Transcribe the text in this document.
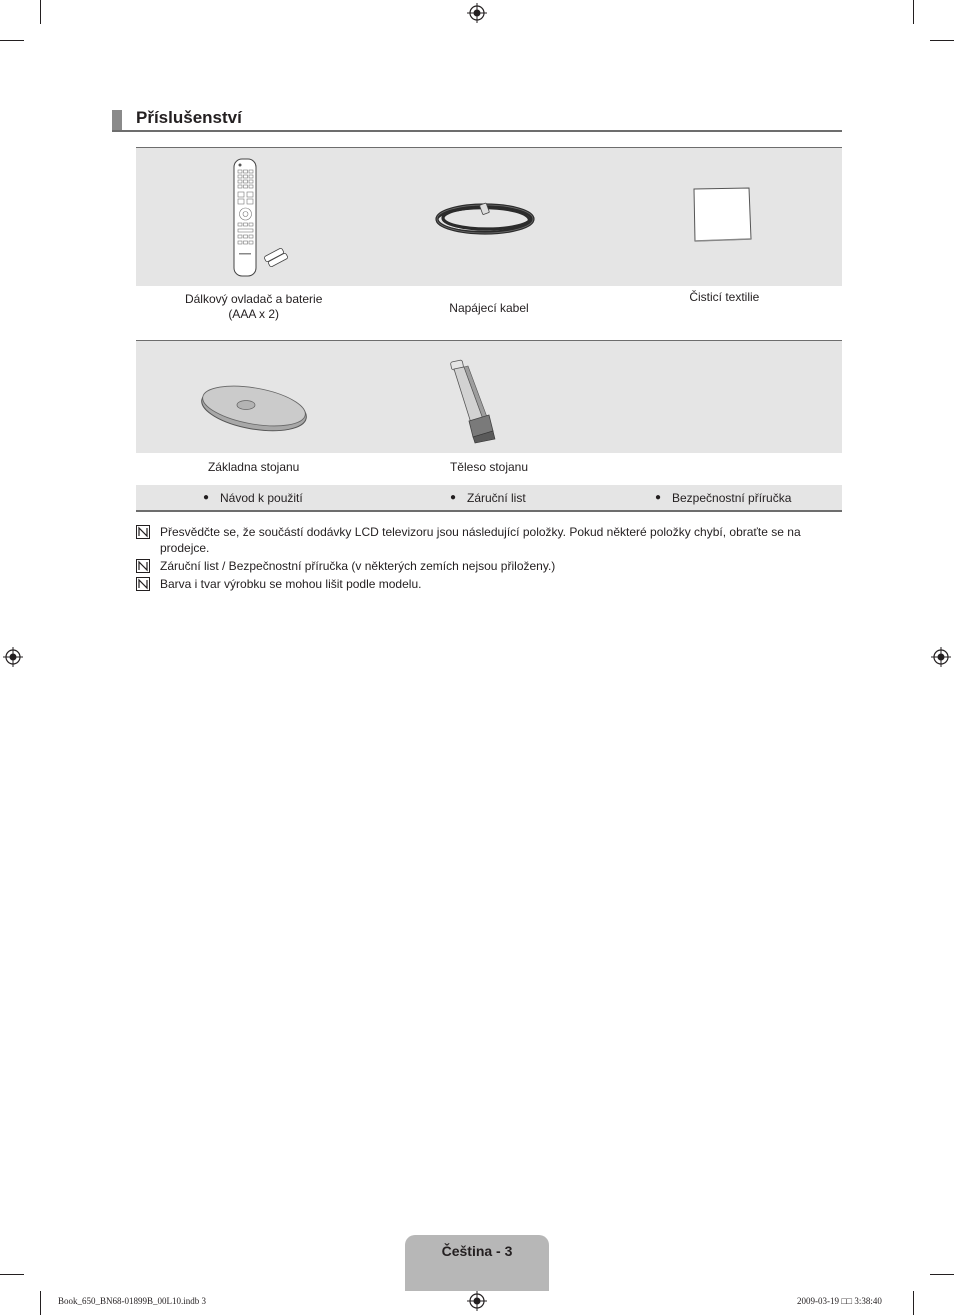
Příslušenství
Dálkový ovladač a baterie
(AAA x 2)	Napájecí kabel
Čisticí textilie
Základna stojanu	Těleso stojanu
● Návod k použití	● Záruční list	● Bezpečnostní příručka
Přesvědčte se, že součástí dodávky LCD televizoru jsou následující položky. Pokud některé položky chybí, obraťte se na prodejce.
Záruční list / Bezpečnostní příručka (v některých zemích nejsou přiloženy.)
Barva i tvar výrobku se mohou lišit podle modelu.
Čeština - 3
Book_650_BN68-01899B_00L10.indb 3	2009-03-19 □□ 3:38:40
